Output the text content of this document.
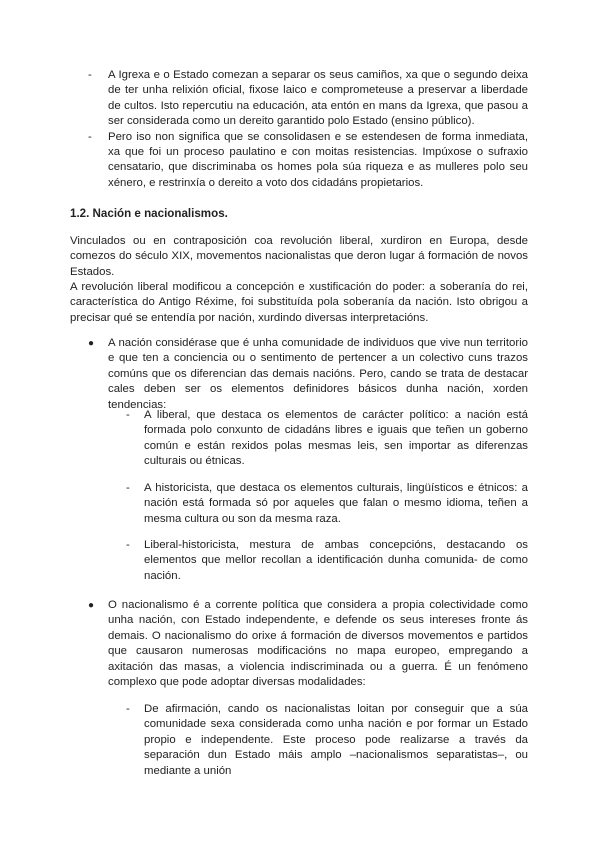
- A Igrexa e o Estado comezan a separar os seus camiños, xa que o segundo deixa de ter unha relixión oficial, fixose laico e comprometeuse a preservar a liberdade de cultos. Isto repercutiu na educación, ata entón en mans da Igrexa, que pasou a ser considerada como un dereito garantido polo Estado (ensino público).
- Pero iso non significa que se consolidasen e se estendesen de forma inmediata, xa que foi un proceso paulatino e con moitas resistencias. Impúxose o sufraxio censatario, que discriminaba os homes pola súa riqueza e as mulleres polo seu xénero, e restrinxía o dereito a voto dos cidadáns propietarios.
1.2. Nación e nacionalismos.
Vinculados ou en contraposición coa revolución liberal, xurdiron en Europa, desde comezos do século XIX, movementos nacionalistas que deron lugar á formación de novos Estados.
A revolución liberal modificou a concepción e xustificación do poder: a soberanía do rei, característica do Antigo Réxime, foi substituída pola soberanía da nación. Isto obrigou a precisar qué se entendía por nación, xurdindo diversas interpretacións.
● A nación considérase que é unha comunidade de individuos que vive nun territorio e que ten a conciencia ou o sentimento de pertencer a un colectivo cuns trazos comúns que os diferencian das demais nacións. Pero, cando se trata de destacar cales deben ser os elementos definidores básicos dunha nación, xorden tendencias:
- A liberal, que destaca os elementos de carácter político: a nación está formada polo conxunto de cidadáns libres e iguais que teñen un goberno común e están rexidos polas mesmas leis, sen importar as diferenzas culturais ou étnicas.
- A historicista, que destaca os elementos culturais, lingüísticos e étnicos: a nación está formada só por aqueles que falan o mesmo idioma, teñen a mesma cultura ou son da mesma raza.
- Liberal-historicista, mestura de ambas concepcións, destacando os elementos que mellor recollan a identificación dunha comunida- de como nación.
● O nacionalismo é a corrente política que considera a propia colectividade como unha nación, con Estado independente, e defende os seus intereses fronte ás demais. O nacionalismo do orixe á formación de diversos movementos e partidos que causaron numerosas modificacións no mapa europeo, empregando a axitación das masas, a violencia indiscriminada ou a guerra. É un fenómeno complexo que pode adoptar diversas modalidades:
- De afirmación, cando os nacionalistas loitan por conseguir que a súa comunidade sexa considerada como unha nación e por formar un Estado propio e independente. Este proceso pode realizarse a través da separación dun Estado máis amplo –nacionalismos separatistas–, ou mediante a unión
